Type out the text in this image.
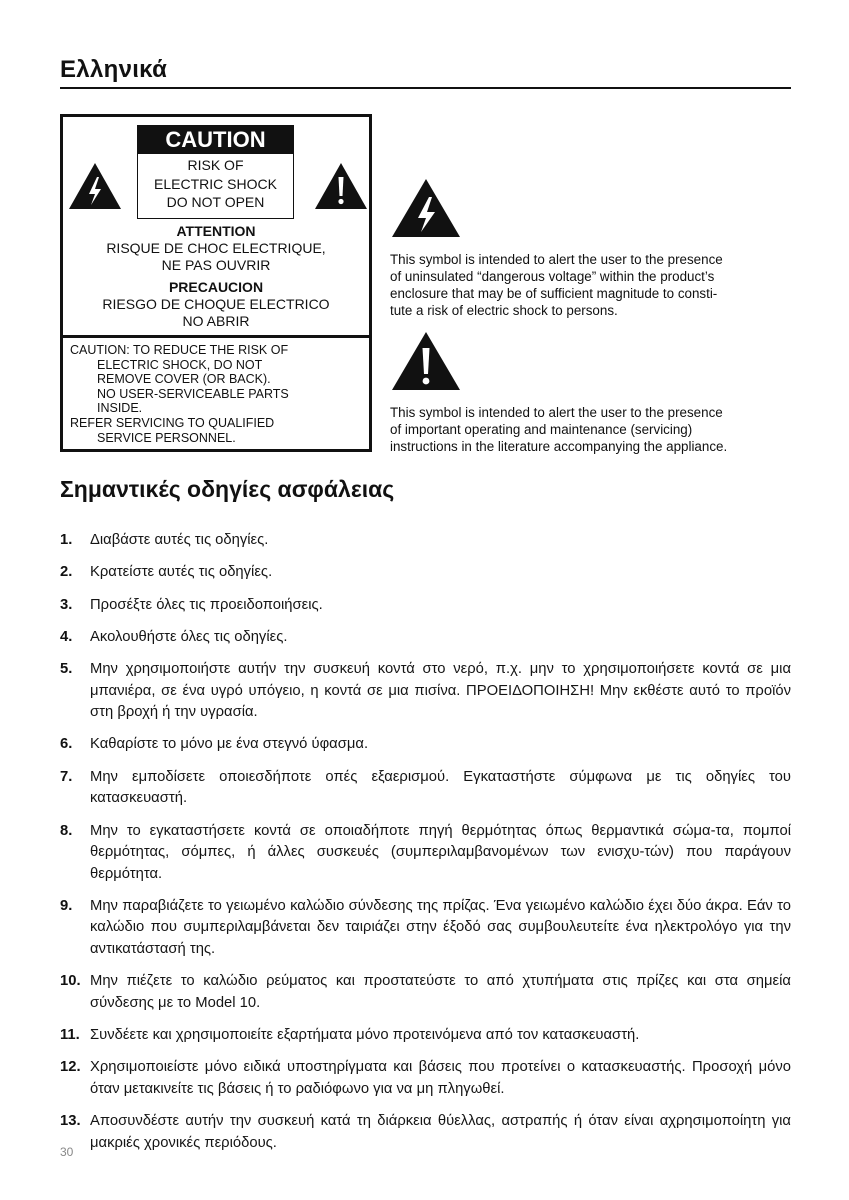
Ελληνικά
CAUTION
RISK OF
ELECTRIC SHOCK
DO NOT OPEN
ATTENTION
RISQUE DE CHOC ELECTRIQUE,
NE PAS OUVRIR
PRECAUCION
RIESGO DE CHOQUE ELECTRICO
NO ABRIR
CAUTION: TO REDUCE THE RISK OF
ELECTRIC SHOCK, DO NOT
REMOVE COVER (OR BACK).
NO USER-SERVICEABLE PARTS
INSIDE.
REFER SERVICING TO QUALIFIED
SERVICE PERSONNEL.
This symbol is intended to alert the user to the presence
of uninsulated “dangerous voltage” within the product’s
enclosure that may be of sufficient magnitude to consti-
tute a risk of electric shock to persons.
This symbol is intended to alert the user to the presence
of important operating and maintenance (servicing)
instructions in the literature accompanying the appliance.
Σημαντικές οδηγίες ασφάλειας
1. Διαβάστε αυτές τις οδηγίες.
2. Κρατείστε αυτές τις οδηγίες.
3. Προσέξτε όλες τις προειδοποιήσεις.
4. Ακολουθήστε όλες τις οδηγίες.
5. Μην χρησιμοποιήστε αυτήν την συσκευή κοντά στο νερό, π.χ. μην το χρησιμοποιήσετε κοντά σε μια μπανιέρα, σε ένα υγρό υπόγειο, η κοντά σε μια πισίνα. ΠΡΟΕΙΔΟΠΟΙΗΣΗ! Μην εκθέστε αυτό το προϊόν στη βροχή ή την υγρασία.
6. Καθαρίστε το μόνο με ένα στεγνό ύφασμα.
7. Μην εμποδίσετε οποιεσδήποτε οπές εξαερισμού. Εγκαταστήστε σύμφωνα με τις οδηγίες του κατασκευαστή.
8. Μην το εγκαταστήσετε κοντά σε οποιαδήποτε πηγή θερμότητας όπως θερμαντικά σώμα-τα, πομποί θερμότητας, σόμπες, ή άλλες συσκευές (συμπεριλαμβανομένων των ενισχυ-τών) που παράγουν θερμότητα.
9. Μην παραβιάζετε το γειωμένο καλώδιο σύνδεσης της πρίζας. Ένα γειωμένο καλώδιο έχει δύο άκρα. Εάν το καλώδιο που συμπεριλαμβάνεται δεν ταιριάζει στην έξοδό σας συμβουλευτείτε ένα ηλεκτρολόγο για την αντικατάστασή της.
10. Μην πιέζετε το καλώδιο ρεύματος και προστατεύστε το από χτυπήματα στις πρίζες και στα σημεία σύνδεσης με το Model 10.
11. Συνδέετε και χρησιμοποιείτε εξαρτήματα μόνο προτεινόμενα από τον κατασκευαστή.
12. Χρησιμοποιείστε μόνο ειδικά υποστηρίγματα και βάσεις που προτείνει ο κατασκευαστής. Προσοχή μόνο όταν μετακινείτε τις βάσεις ή το ραδιόφωνο για να μη πληγωθεί.
13. Αποσυνδέστε αυτήν την συσκευή κατά τη διάρκεια θύελλας, αστραπής ή όταν είναι αχρησιμοποίητη για μακριές χρονικές περιόδους.
30
